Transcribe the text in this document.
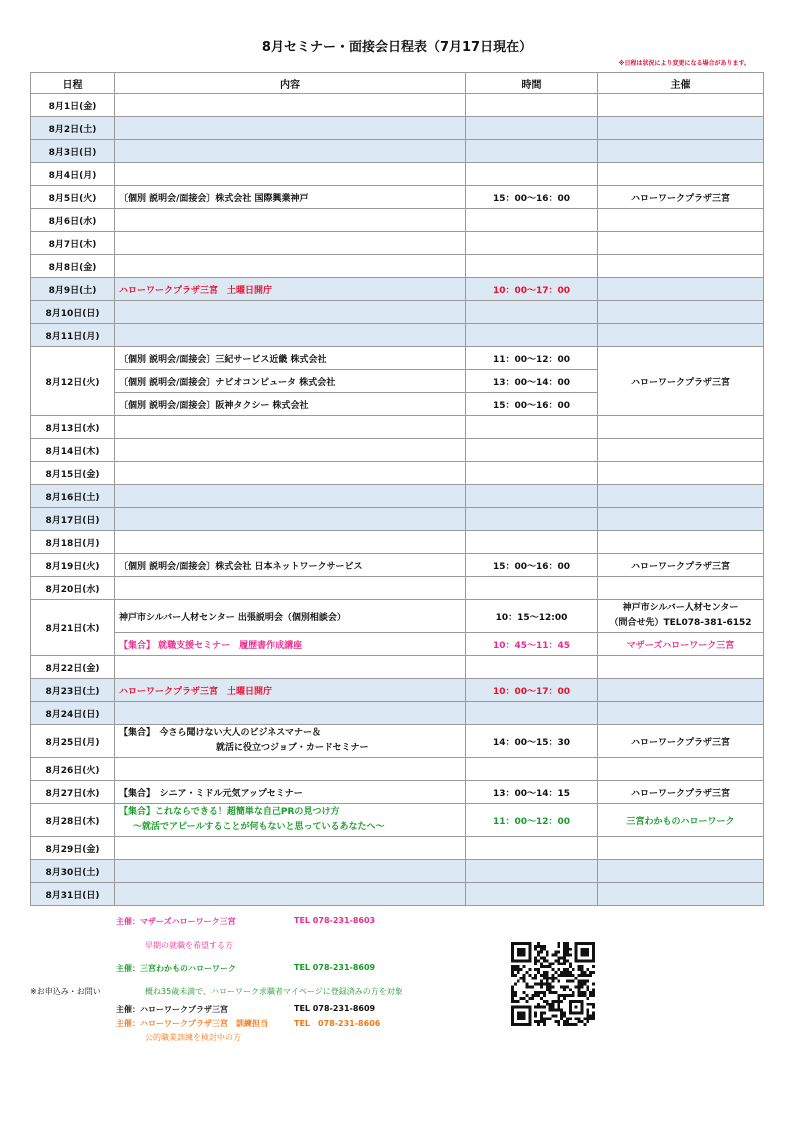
8月セミナー・面接会日程表（7月17日現在）
※日程は状況により変更になる場合があります。
日程	内容	時間	主催
8月1日(金)			
8月2日(土)			
8月3日(日)			
8月4日(月)			
8月5日(火)	〔個別 説明会/面接会〕株式会社 国際興業神戸	15：00〜16：00	ハローワークプラザ三宮
8月6日(水)			
8月7日(木)			
8月8日(金)			
8月9日(土)	ハローワークプラザ三宮　土曜日開庁	10：00〜17：00	
8月10日(日)			
8月11日(月)			
8月12日(火)	〔個別 説明会/面接会〕三紀サービス近畿 株式会社	11：00〜12：00	ハローワークプラザ三宮
	〔個別 説明会/面接会〕ナビオコンピュータ 株式会社	13：00〜14：00	
	〔個別 説明会/面接会〕阪神タクシー 株式会社	15：00〜16：00	
8月13日(水)			
8月14日(木)			
8月15日(金)			
8月16日(土)			
8月17日(日)			
8月18日(月)			
8月19日(火)	〔個別 説明会/面接会〕株式会社 日本ネットワークサービス	15：00〜16：00	ハローワークプラザ三宮
8月20日(水)			
8月21日(木)	神戸市シルバー人材センター 出張説明会（個別相談会）	10：15〜12:00	神戸市シルバー人材センター
（問合せ先）TEL078-381-6152
	【集合】 就職支援セミナー　履歴書作成講座	10：45〜11：45	マザーズハローワーク三宮
8月22日(金)			
8月23日(土)	ハローワークプラザ三宮　土曜日開庁	10：00〜17：00	
8月24日(日)			
8月25日(月)	【集合】　今さら聞けない大人のビジネスマナー＆
就活に役立つジョブ・カードセミナー	14：00〜15：30	ハローワークプラザ三宮
8月26日(火)			
8月27日(水)	【集合】　シニア・ミドル元気アップセミナー	13：00〜14：15	ハローワークプラザ三宮
8月28日(木)	【集合】これならできる！超簡単な自己PRの見つけ方
〜就活でアピールすることが何もないと思っているあなたへ〜	11：00〜12：00	三宮わかものハローワーク
8月29日(金)			
8月30日(土)			
8月31日(日)			
主催：マザーズハローワーク三宮	TEL 078-231-8603
早期の就職を希望する方
主催：三宮わかものハローワーク	TEL 078-231-8609
※お申込み・お問い	概ね35歳未満で、ハローワーク求職者マイページに登録済みの方を対象
主催：ハローワークプラザ三宮	TEL 078-231-8609
主催：ハローワークプラザ三宮　訓練担当	TEL　078-231-8606
公的職業訓練を検討中の方
